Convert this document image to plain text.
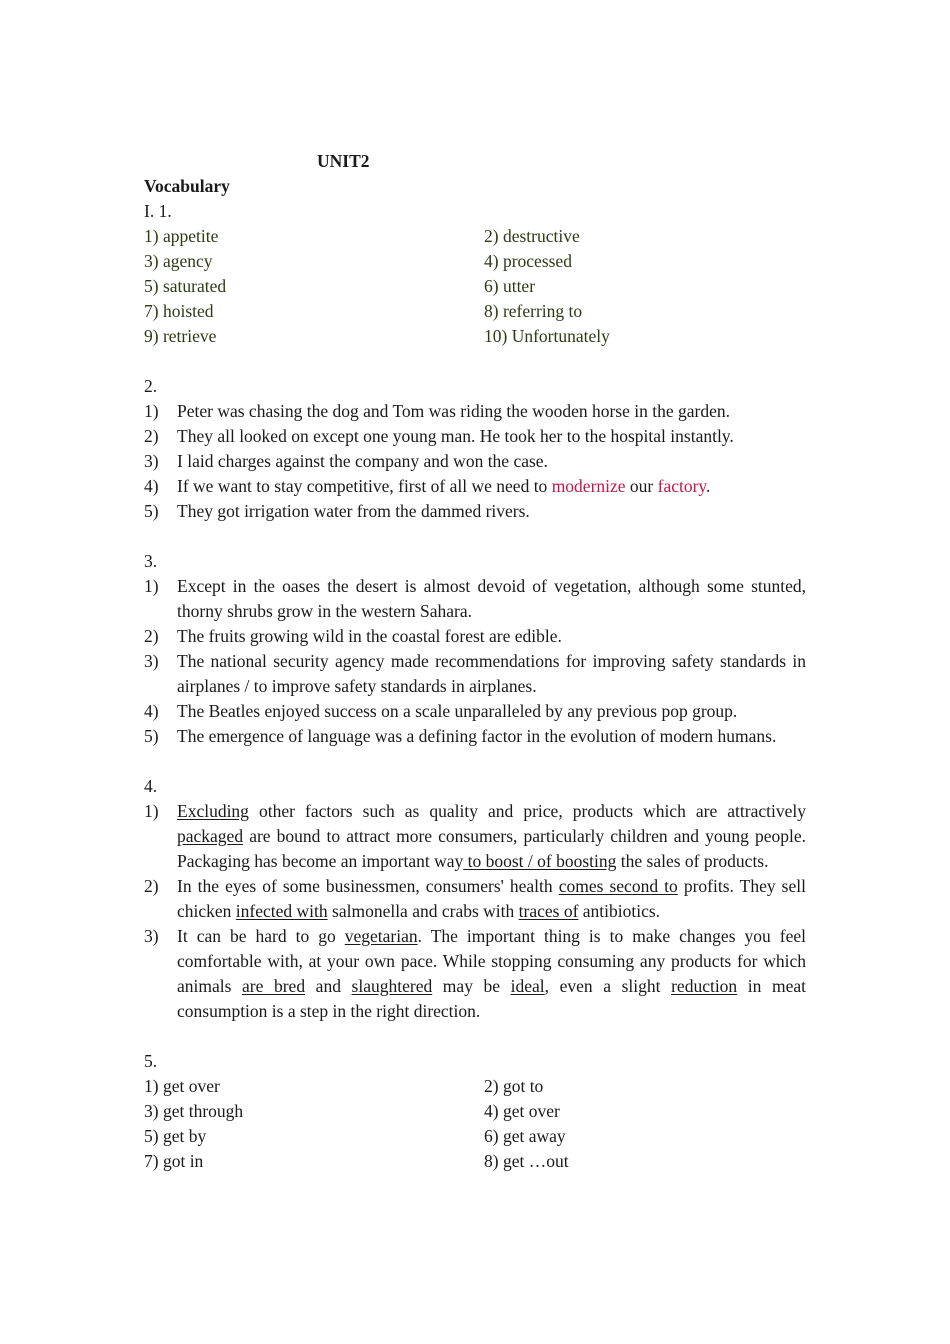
UNIT2
Vocabulary
I. 1.
1) appetite	2) destructive
3) agency	4) processed
5) saturated	6) utter
7) hoisted	8) referring to
9) retrieve	10) Unfortunately
2.
1)	Peter was chasing the dog and Tom was riding the wooden horse in the garden.
2)	They all looked on except one young man. He took her to the hospital instantly.
3)	I laid charges against the company and won the case.
4)	If we want to stay competitive, first of all we need to modernize our factory.
5)	They got irrigation water from the dammed rivers.
3.
1)	Except in the oases the desert is almost devoid of vegetation, although some stunted, thorny shrubs grow in the western Sahara.
2)	The fruits growing wild in the coastal forest are edible.
3)	The national security agency made recommendations for improving safety standards in airplanes / to improve safety standards in airplanes.
4)	The Beatles enjoyed success on a scale unparalleled by any previous pop group.
5)	The emergence of language was a defining factor in the evolution of modern humans.
4.
1)	Excluding other factors such as quality and price, products which are attractively packaged are bound to attract more consumers, particularly children and young people. Packaging has become an important way to boost / of boosting the sales of products.
2)	In the eyes of some businessmen, consumers' health comes second to profits. They sell chicken infected with salmonella and crabs with traces of antibiotics.
3)	It can be hard to go vegetarian. The important thing is to make changes you feel comfortable with, at your own pace. While stopping consuming any products for which animals are bred and slaughtered may be ideal, even a slight reduction in meat consumption is a step in the right direction.
5.
1) get over	2) got to
3) get through	4) get over
5) get by	6) get away
7) got in	8) get …out
